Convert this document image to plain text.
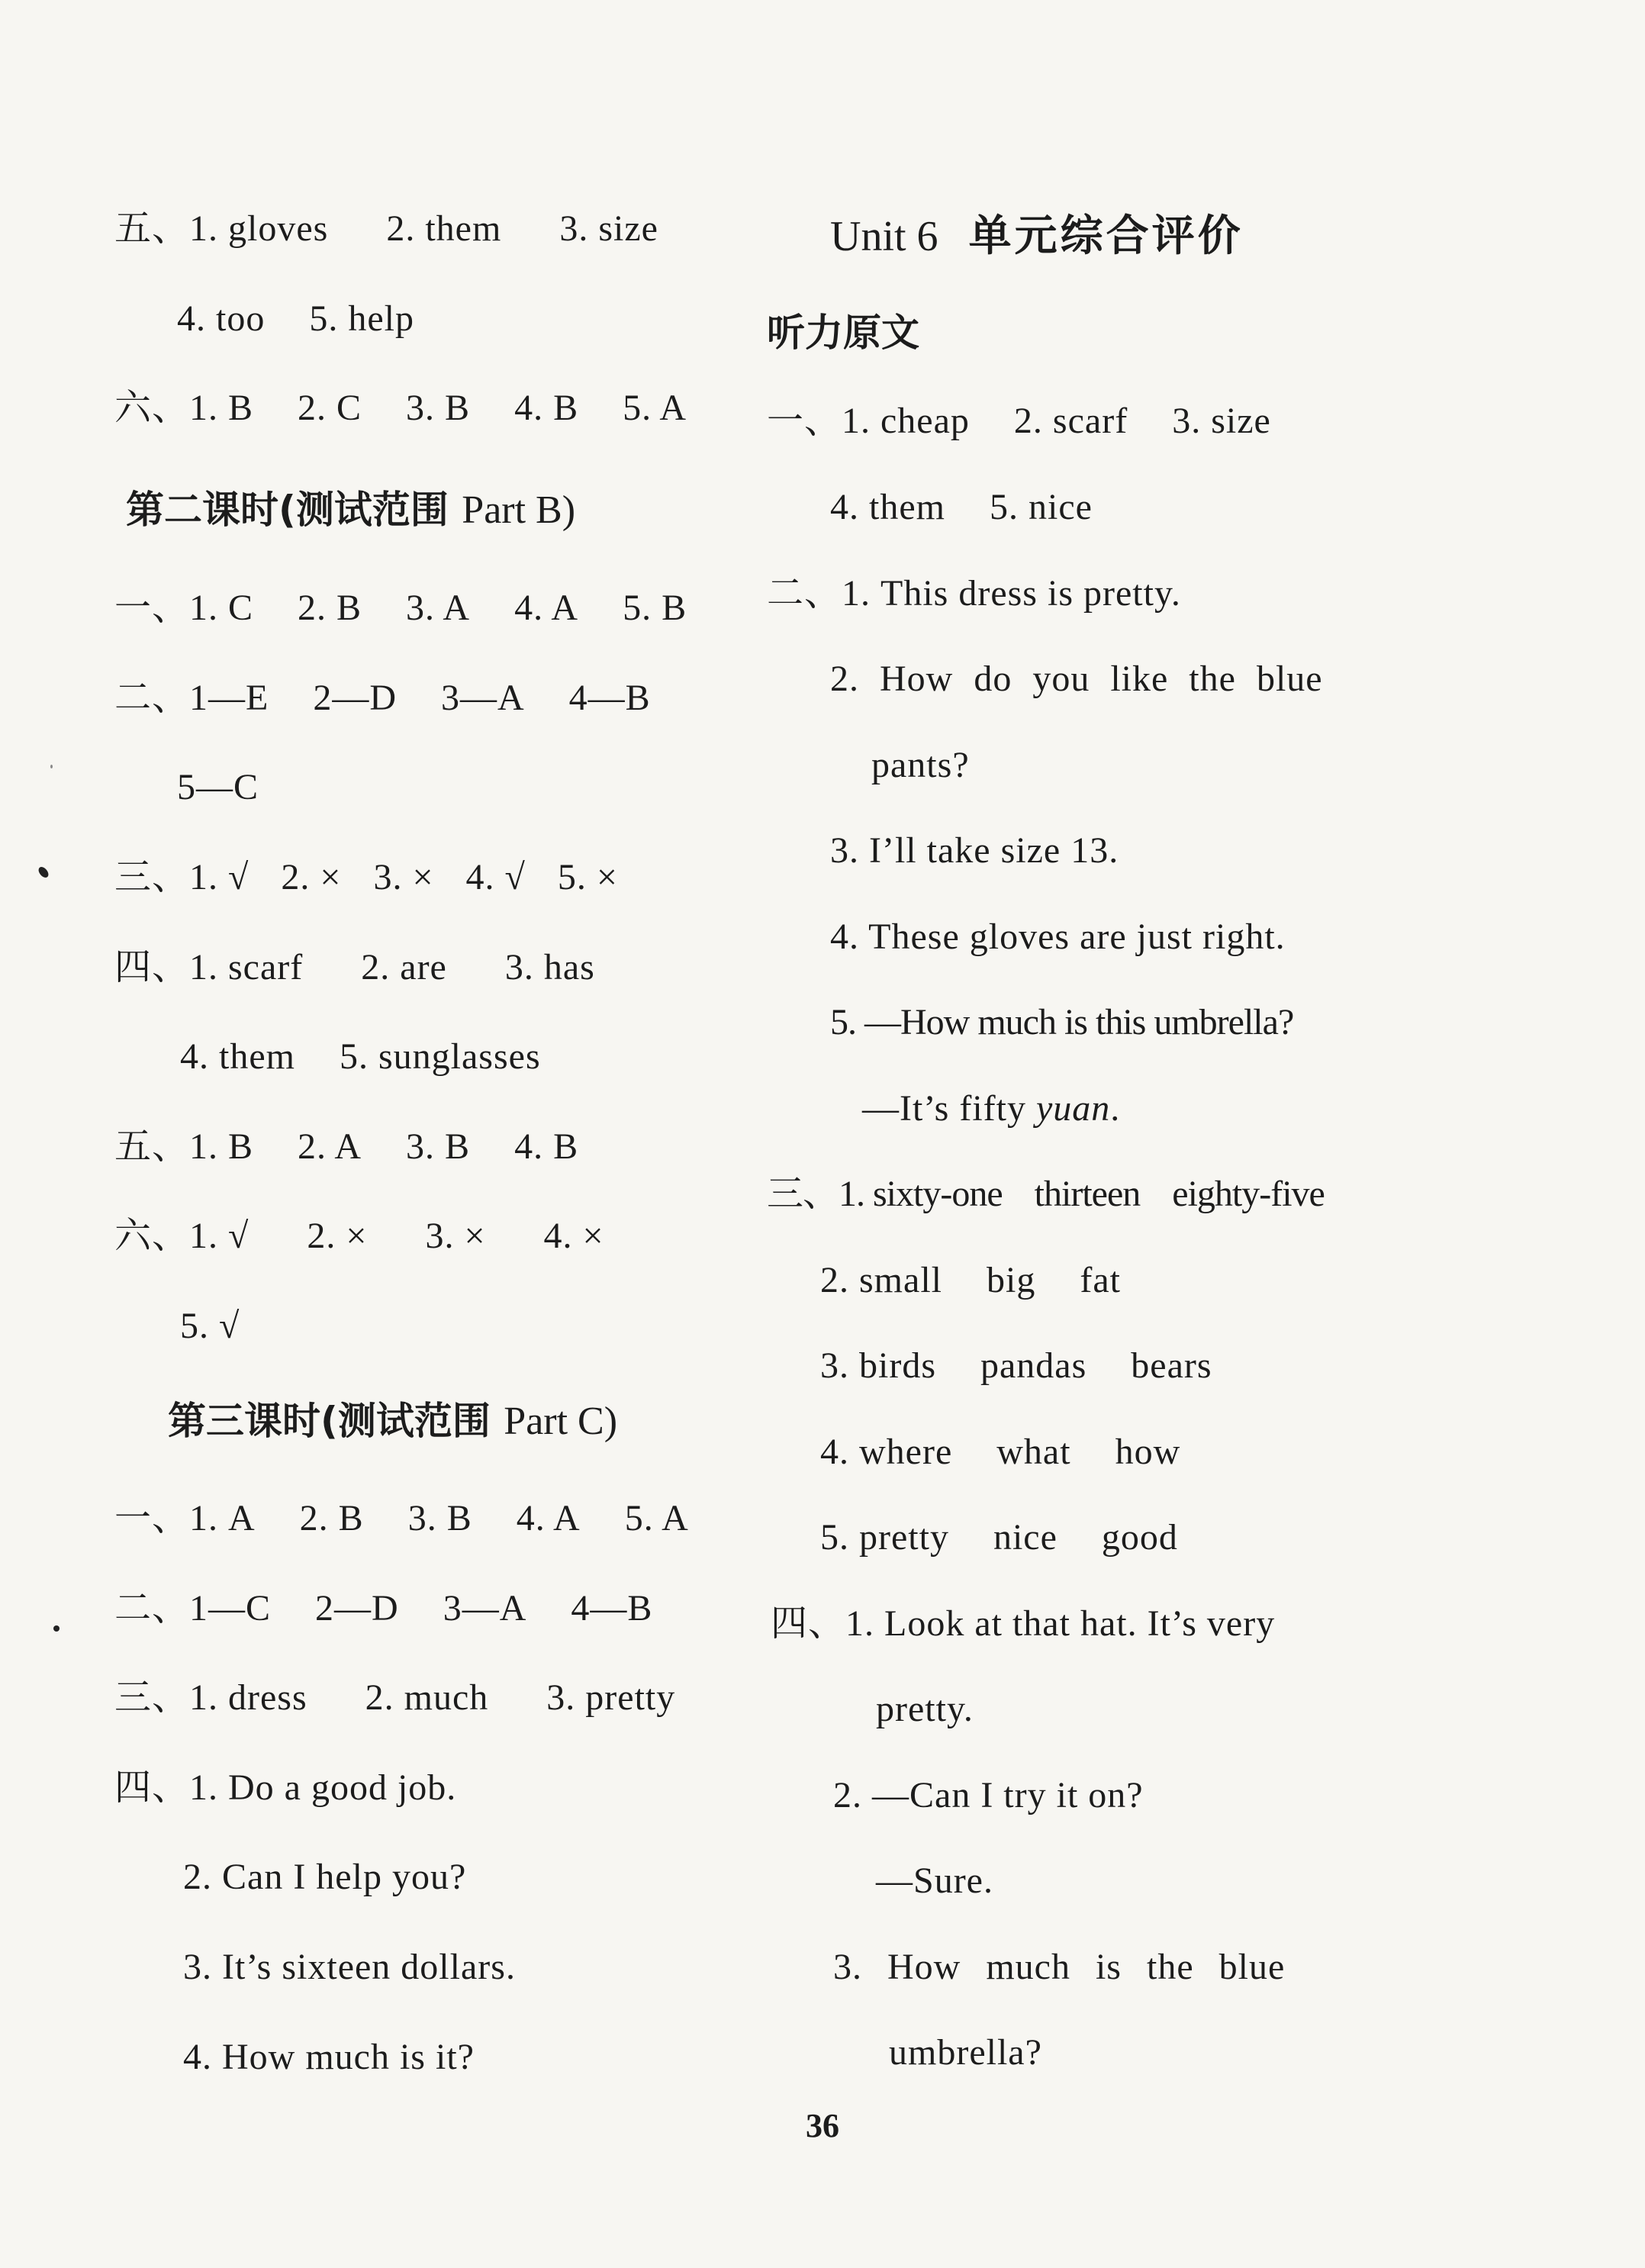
五、1. gloves 2. them 3. size
4. too 5. help
六、1. B 2. C 3. B 4. B 5. A
第二课时(测试范围 Part B)
一、1. C 2. B 3. A 4. A 5. B
二、1—E 2—D 3—A 4—B
5—C
三、1. √ 2. × 3. × 4. √ 5. ×
四、1. scarf 2. are 3. has
4. them 5. sunglasses
五、1. B 2. A 3. B 4. B
六、1. √ 2. × 3. × 4. ×
5. √
第三课时(测试范围 Part C)
一、1. A 2. B 3. B 4. A 5. A
二、1—C 2—D 3—A 4—B
三、1. dress 2. much 3. pretty
四、1. Do a good job.
2. Can I help you?
3. It’s sixteen dollars.
4. How much is it?
Unit 6 单元综合评价
听力原文
一、1. cheap 2. scarf 3. size
4. them 5. nice
二、1. This dress is pretty.
2. How do you like the blue
pants?
3. I’ll take size 13.
4. These gloves are just right.
5. —How much is this umbrella?
—It’s fifty yuan.
三、1. sixty-one thirteen eighty-five
2. small big fat
3. birds pandas bears
4. where what how
5. pretty nice good
四、1. Look at that hat. It’s very
pretty.
2. —Can I try it on?
—Sure.
3. How much is the blue
umbrella?
36
